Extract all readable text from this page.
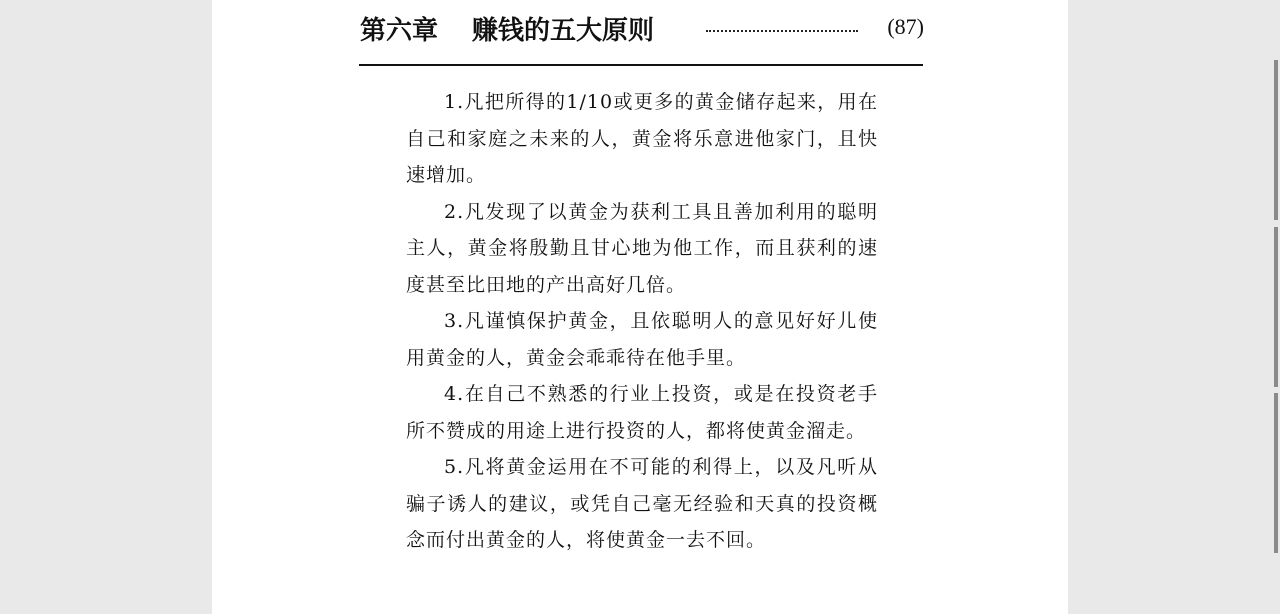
第六章 赚钱的五大原则	(87)

1.凡把所得的1/10或更多的黄金储存起来，用在自己和家庭之未来的人，黄金将乐意进他家门，且快速增加。

2.凡发现了以黄金为获利工具且善加利用的聪明主人，黄金将殷勤且甘心地为他工作，而且获利的速度甚至比田地的产出高好几倍。

3.凡谨慎保护黄金，且依聪明人的意见好好儿使用黄金的人，黄金会乖乖待在他手里。

4.在自己不熟悉的行业上投资，或是在投资老手所不赞成的用途上进行投资的人，都将使黄金溜走。

5.凡将黄金运用在不可能的利得上，以及凡听从骗子诱人的建议，或凭自己毫无经验和天真的投资概念而付出黄金的人，将使黄金一去不回。
